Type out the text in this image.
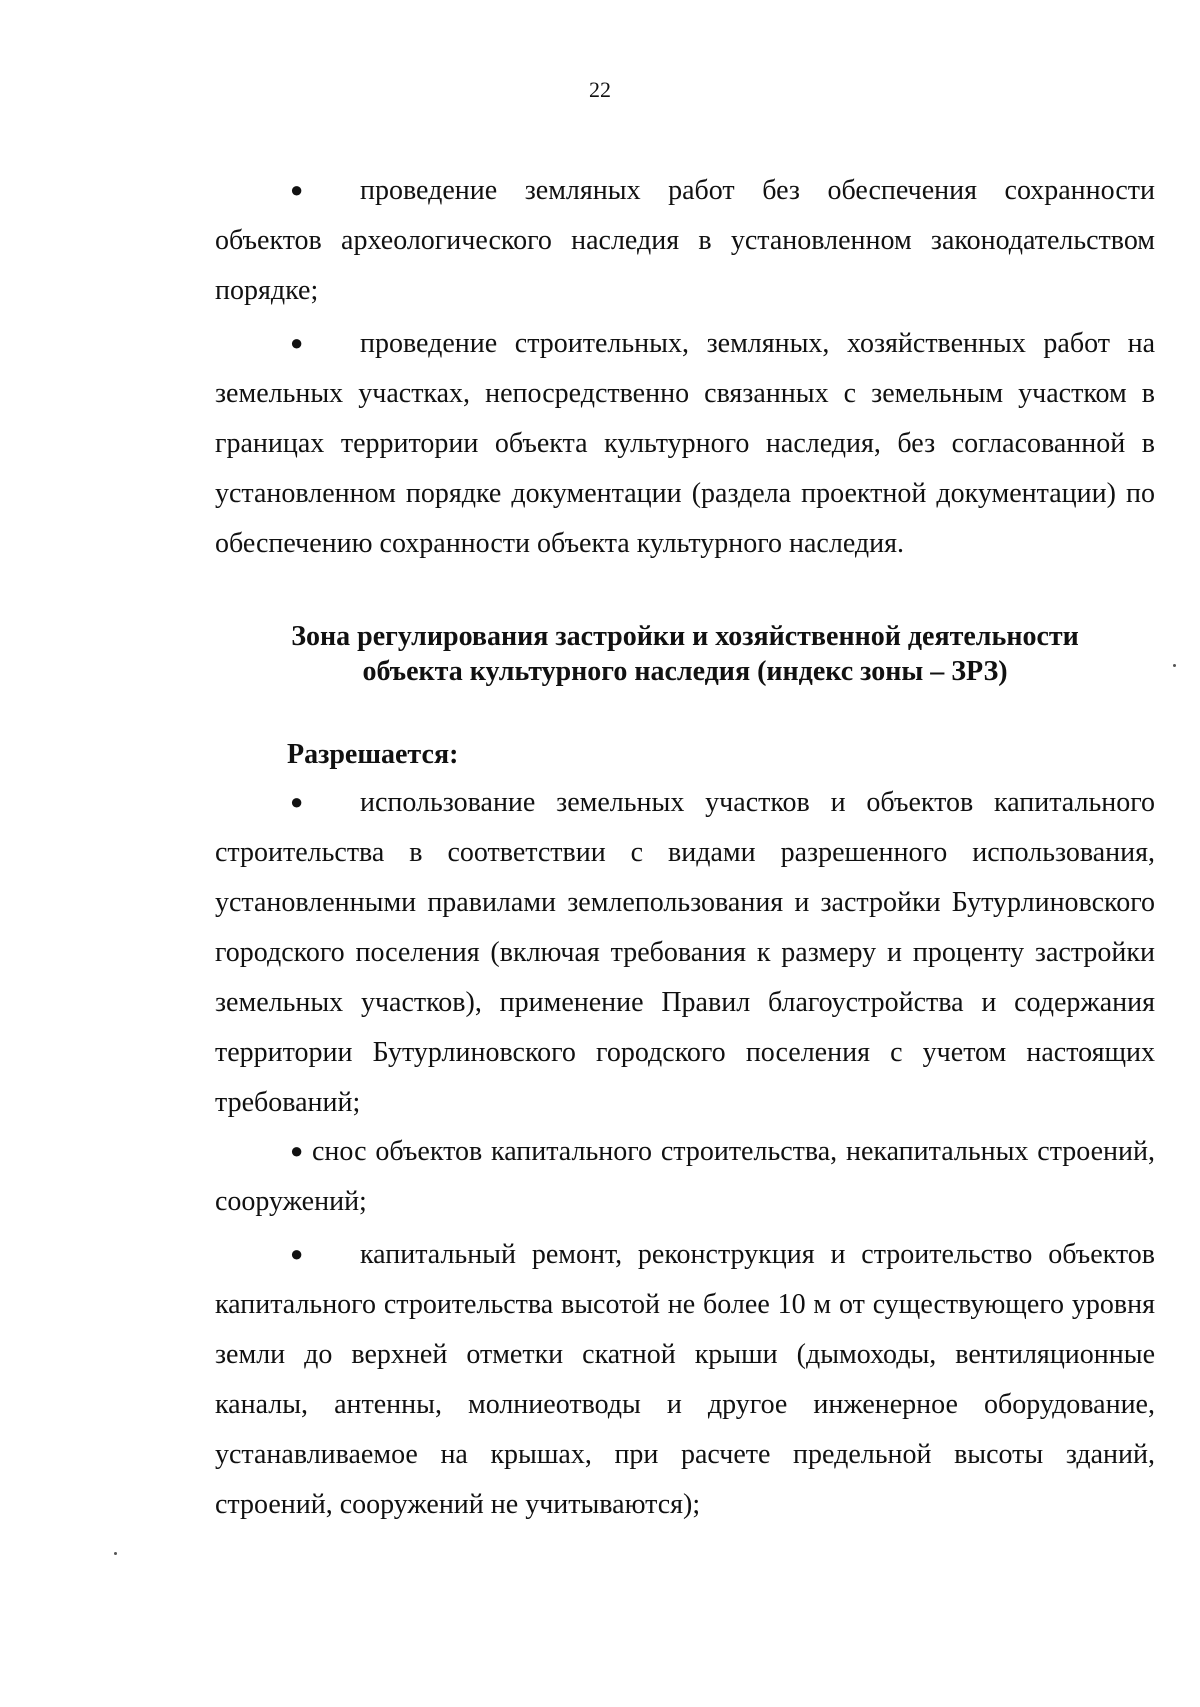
22

● проведение земляных работ без обеспечения сохранности объектов археологического наследия в установленном законодательством порядке;

● проведение строительных, земляных, хозяйственных работ на земельных участках, непосредственно связанных с земельным участком в границах территории объекта культурного наследия, без согласованной в установленном порядке документации (раздела проектной документации) по обеспечению сохранности объекта культурного наследия.

Зона регулирования застройки и хозяйственной деятельности
объекта культурного наследия (индекс зоны – ЗРЗ)
Разрешается:

● использование земельных участков и объектов капитального строительства в соответствии с видами разрешенного использования, установленными правилами землепользования и застройки Бутурлиновского городского поселения (включая требования к размеру и проценту застройки земельных участков), применение Правил благоустройства и содержания территории Бутурлиновского городского поселения с учетом настоящих требований;

● снос объектов капитального строительства, некапитальных строений, сооружений;

● капитальный ремонт, реконструкция и строительство объектов капитального строительства высотой не более 10 м от существующего уровня земли до верхней отметки скатной крыши (дымоходы, вентиляционные каналы, антенны, молниеотводы и другое инженерное оборудование, устанавливаемое на крышах, при расчете предельной высоты зданий, строений, сооружений не учитываются);
